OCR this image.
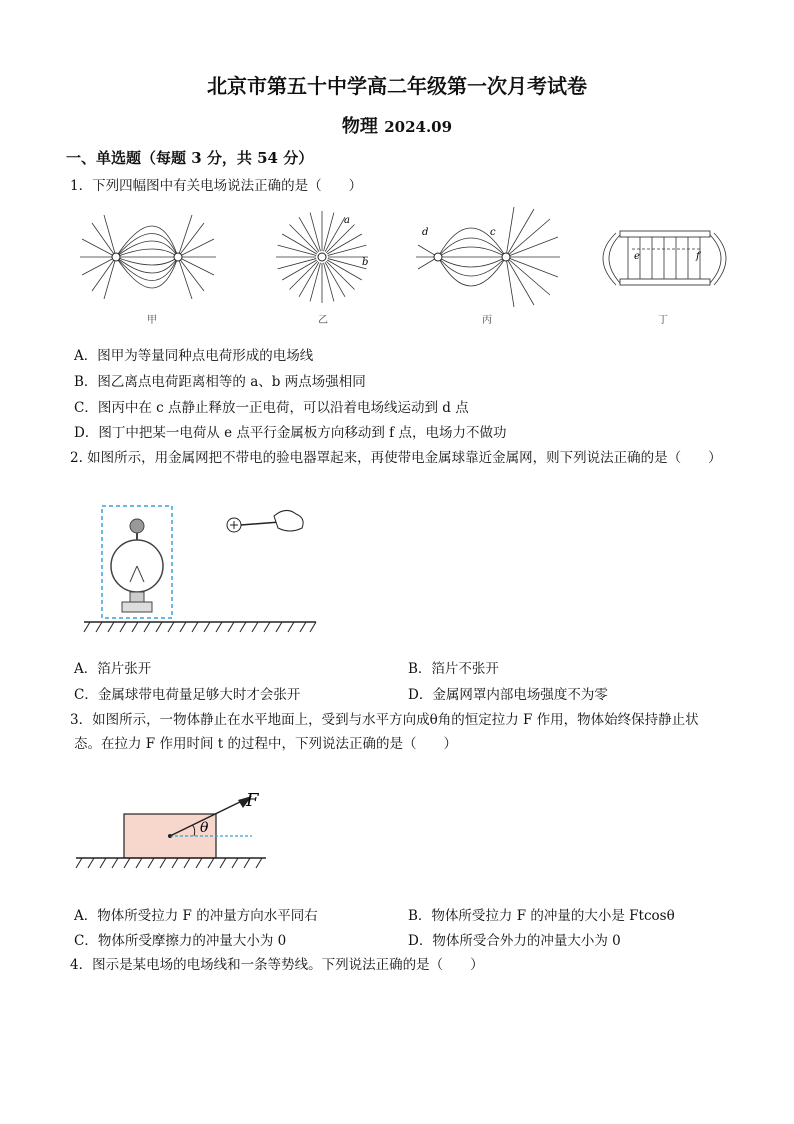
北京市第五十中学高二年级第一次月考试卷
物理 2024.09
一、单选题（每题 3 分，共 54 分）
1．下列四幅图中有关电场说法正确的是（　　）
甲
a
b
乙
d	c
丙
e	f
丁
A．图甲为等量同种点电荷形成的电场线
B．图乙离点电荷距离相等的 a、b 两点场强相同
C．图丙中在 c 点静止释放一正电荷，可以沿着电场线运动到 d 点
D．图丁中把某一电荷从 e 点平行金属板方向移动到 f 点，电场力不做功
2. 如图所示，用金属网把不带电的验电器罩起来，再使带电金属球靠近金属网，则下列说法正确的是（　　）
A．箔片张开	B．箔片不张开
C．金属球带电荷量足够大时才会张开	D．金属网罩内部电场强度不为零
3．如图所示，一物体静止在水平地面上，受到与水平方向成θ角的恒定拉力 F 作用，物体始终保持静止状
态。在拉力 F 作用时间 t 的过程中，下列说法正确的是（　　）
θ
F
A．物体所受拉力 F 的冲量方向水平同右	B．物体所受拉力 F 的冲量的大小是 Ftcosθ
C．物体所受摩擦力的冲量大小为 0	D．物体所受合外力的冲量大小为 0
4．图示是某电场的电场线和一条等势线。下列说法正确的是（　　）
